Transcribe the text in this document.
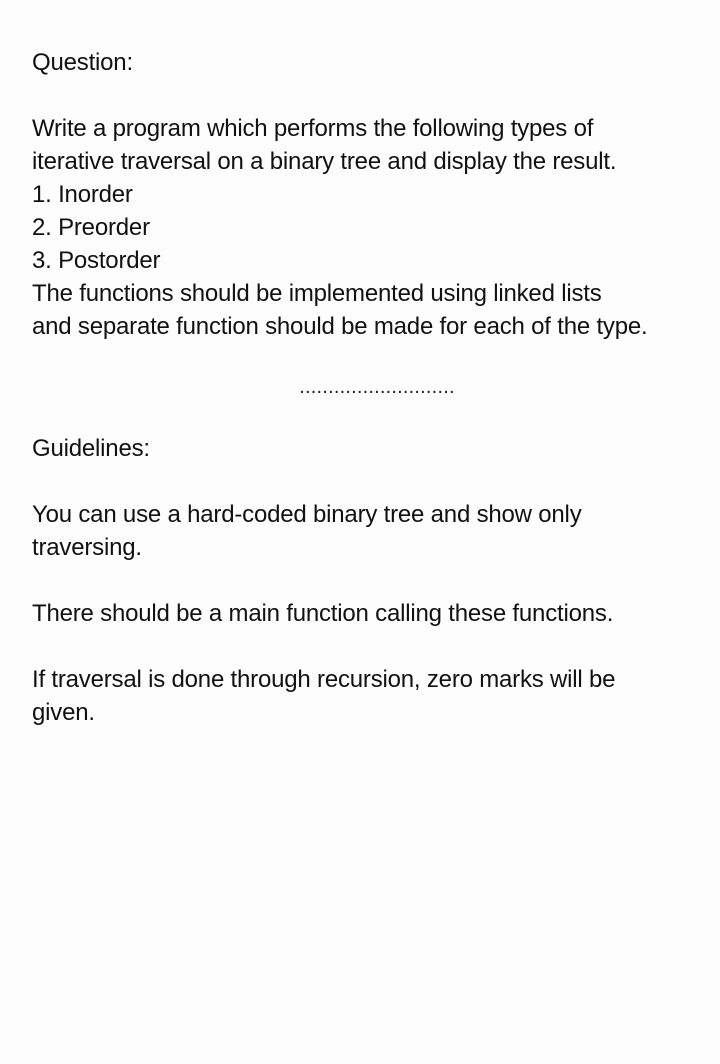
Question:
Write a program which performs the following types of
iterative traversal on a binary tree and display the result.
1. Inorder
2. Preorder
3. Postorder
The functions should be implemented using linked lists
and separate function should be made for each of the type.
...........................
Guidelines:
You can use a hard-coded binary tree and show only
traversing.
There should be a main function calling these functions.
If traversal is done through recursion, zero marks will be
given.
